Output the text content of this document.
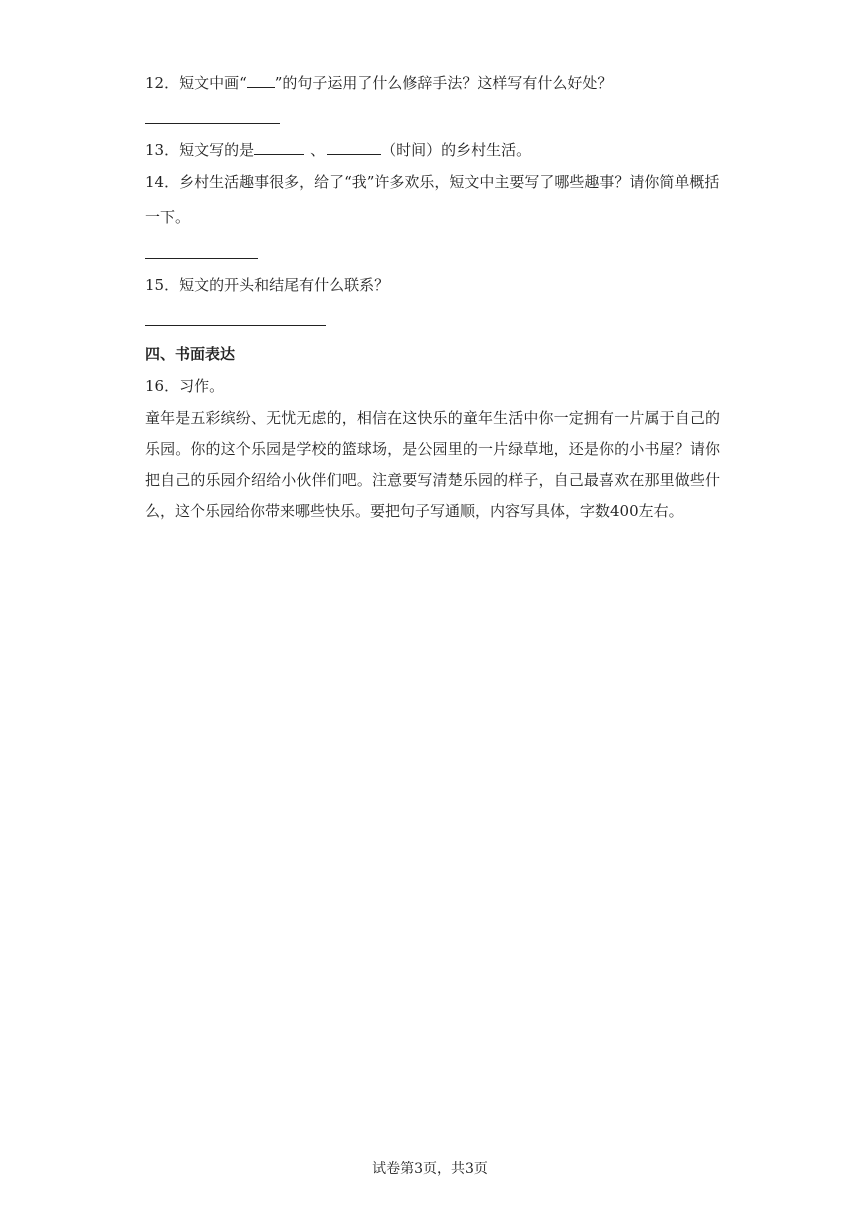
12．短文中画“ ”的句子运用了什么修辞手法？这样写有什么好处？
13．短文写的是	、	（时间）的乡村生活。
14．乡村生活趣事很多，给了“我”许多欢乐，短文中主要写了哪些趣事？请你简单概括
一下。
15．短文的开头和结尾有什么联系？
四、书面表达
16．习作。
童年是五彩缤纷、无忧无虑的，相信在这快乐的童年生活中你一定拥有一片属于自己的乐园。你的这个乐园是学校的篮球场，是公园里的一片绿草地，还是你的小书屋？请你把自己的乐园介绍给小伙伴们吧。注意要写清楚乐园的样子，自己最喜欢在那里做些什么，这个乐园给你带来哪些快乐。要把句子写通顺，内容写具体，字数400左右。
试卷第3页，共3页
